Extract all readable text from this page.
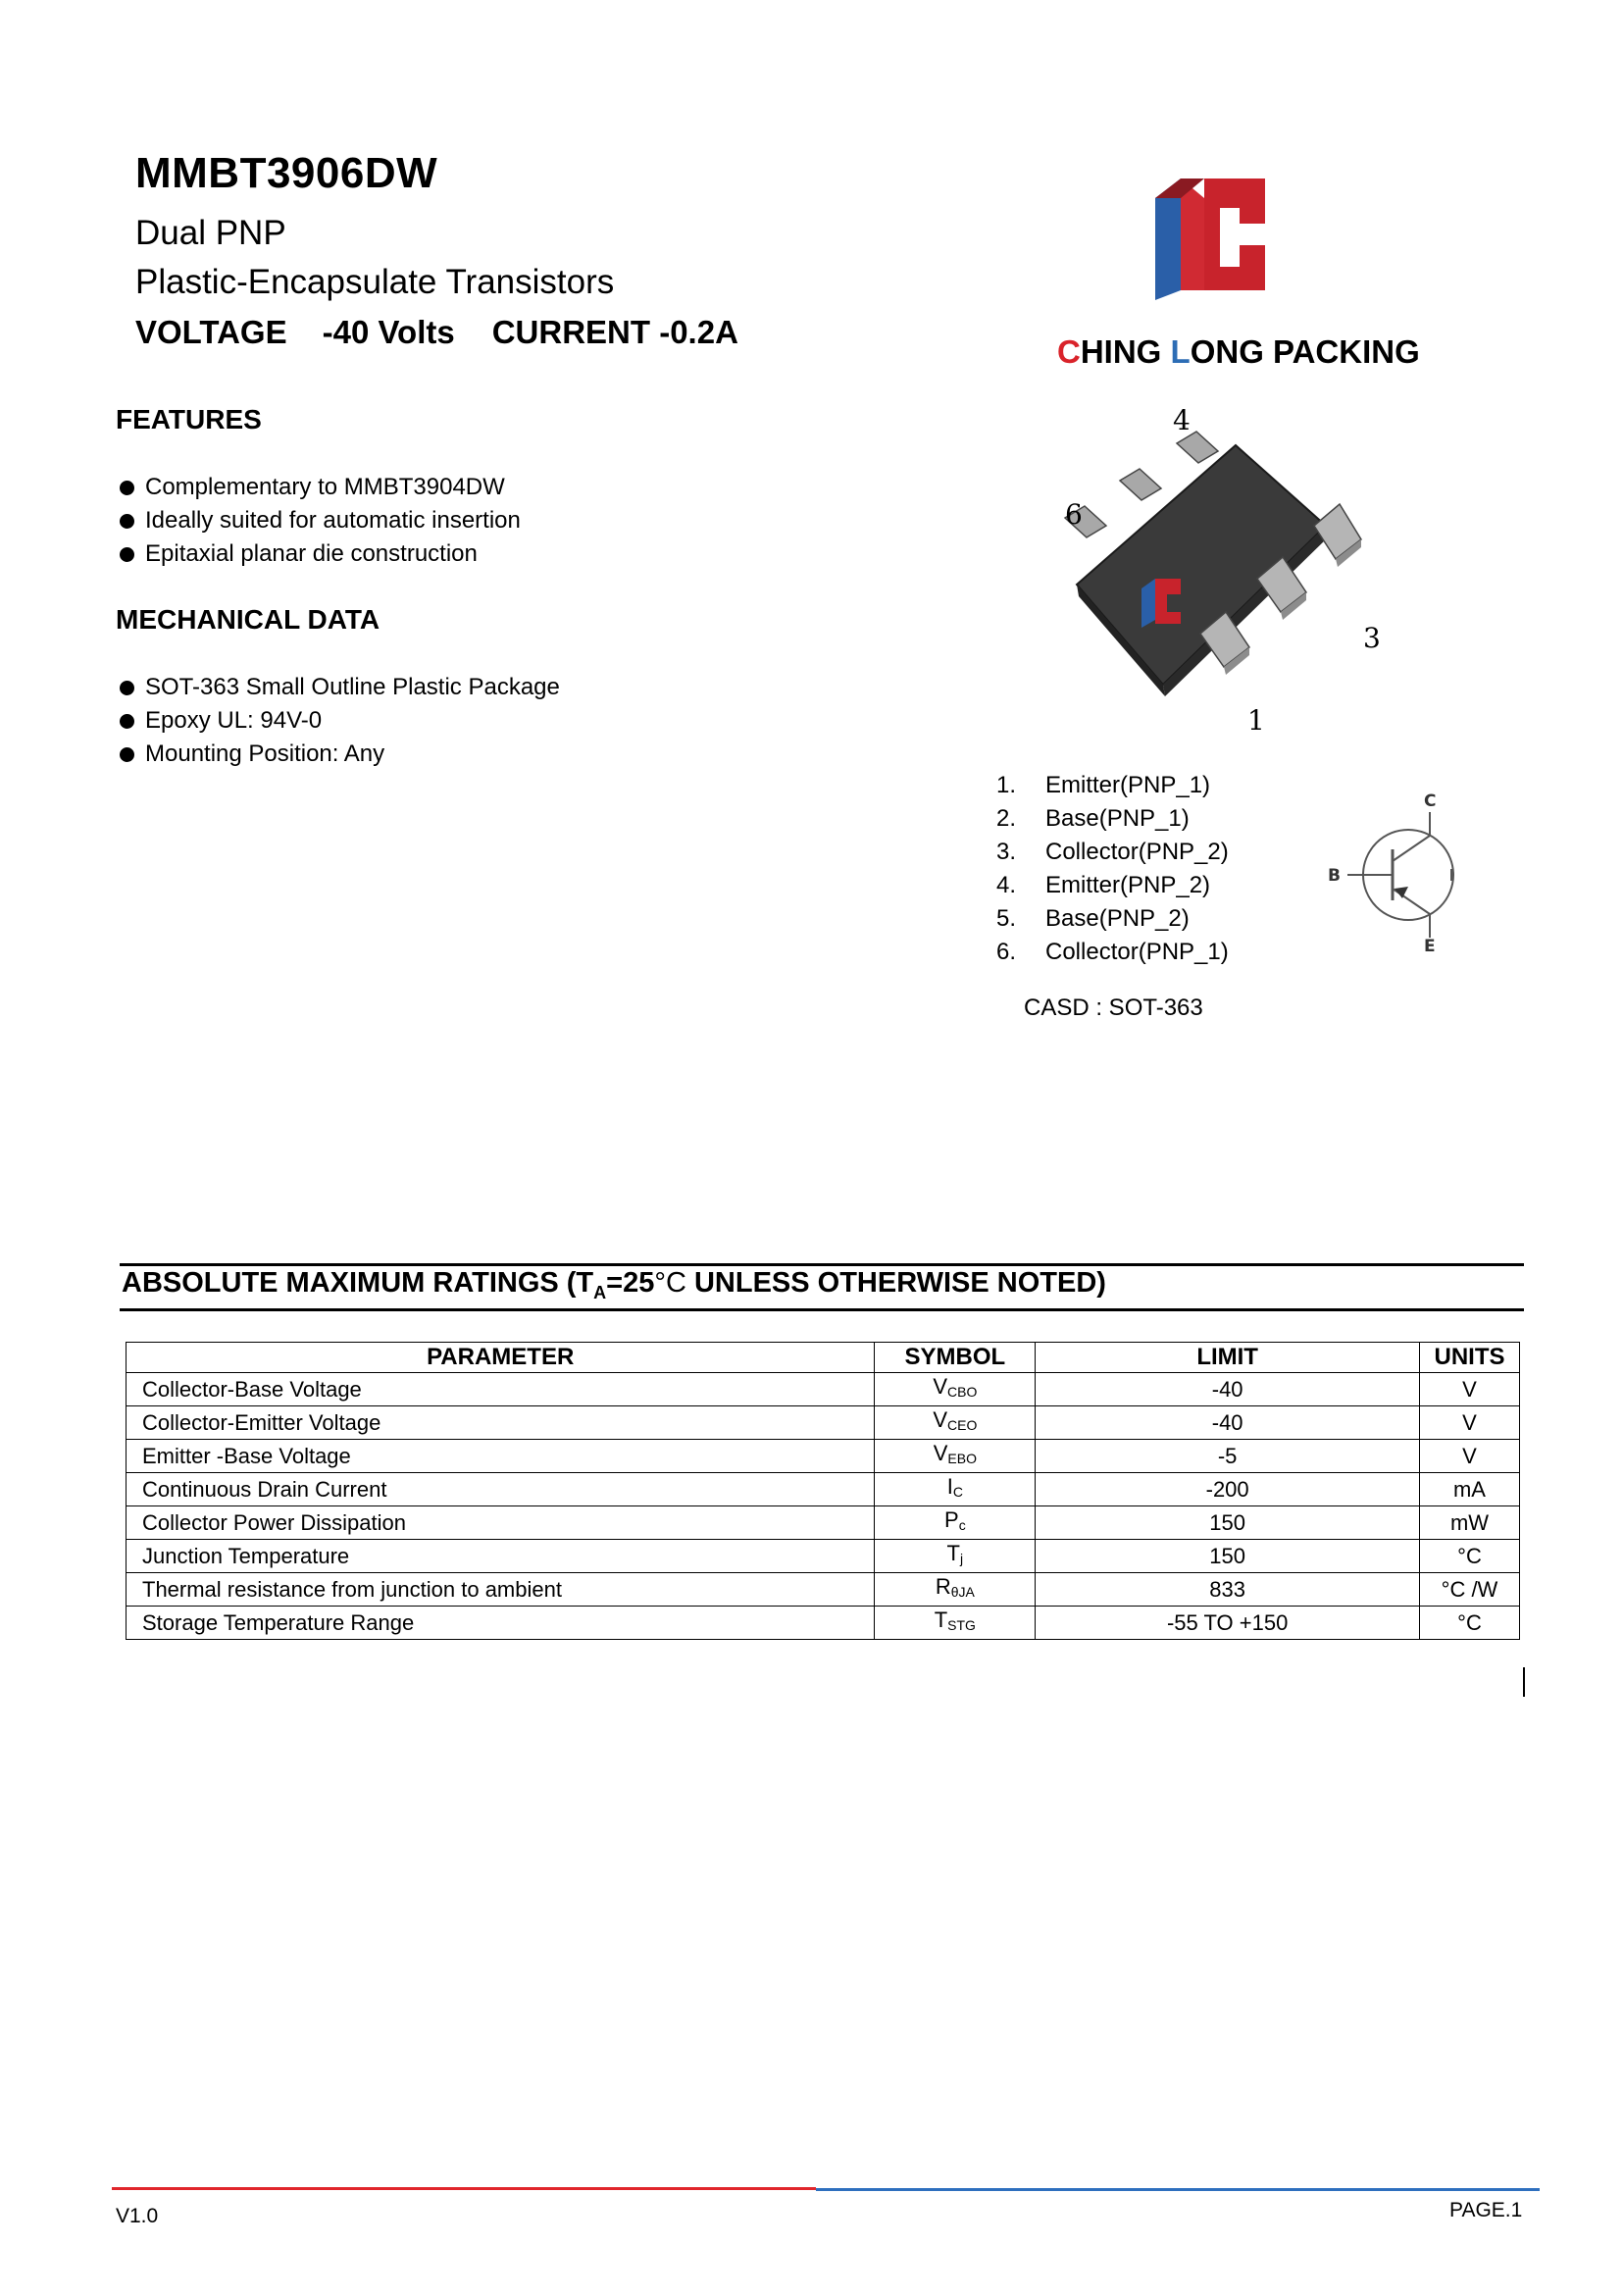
MMBT3906DW
Dual PNP
Plastic-Encapsulate Transistors
VOLTAGE -40 Volts CURRENT -0.2A
CHING LONG PACKING
FEATURES
Complementary to MMBT3904DW
Ideally suited for automatic insertion
Epitaxial planar die construction
MECHANICAL DATA
SOT-363 Small Outline Plastic Package
Epoxy UL: 94V-0
Mounting Position: Any
4
6
3
1
1. Emitter(PNP_1)
2. Base(PNP_1)
3. Collector(PNP_2)
4. Emitter(PNP_2)
5. Base(PNP_2)
6. Collector(PNP_1)
C
B
E
CASD : SOT-363
ABSOLUTE MAXIMUM RATINGS ($T_A=25^\circ C$ UNLESS OTHERWISE NOTED)
PARAMETER	SYMBOL	LIMIT	UNITS
Collector-Base Voltage	$V_{CBO}$	-40	V
Collector-Emitter Voltage	$V_{CEO}$	-40	V
Emitter -Base Voltage	$V_{EBO}$	-5	V
Continuous Drain Current	$I_C$	-200	mA
Collector Power Dissipation	$P_c$	150	mW
Junction Temperature	$T_j$	150	°C
Thermal resistance from junction to ambient	$R_{\theta JA}$	833	°C /W
Storage Temperature Range	$T_{STG}$	-55 TO +150	°C
V1.0	PAGE.1
